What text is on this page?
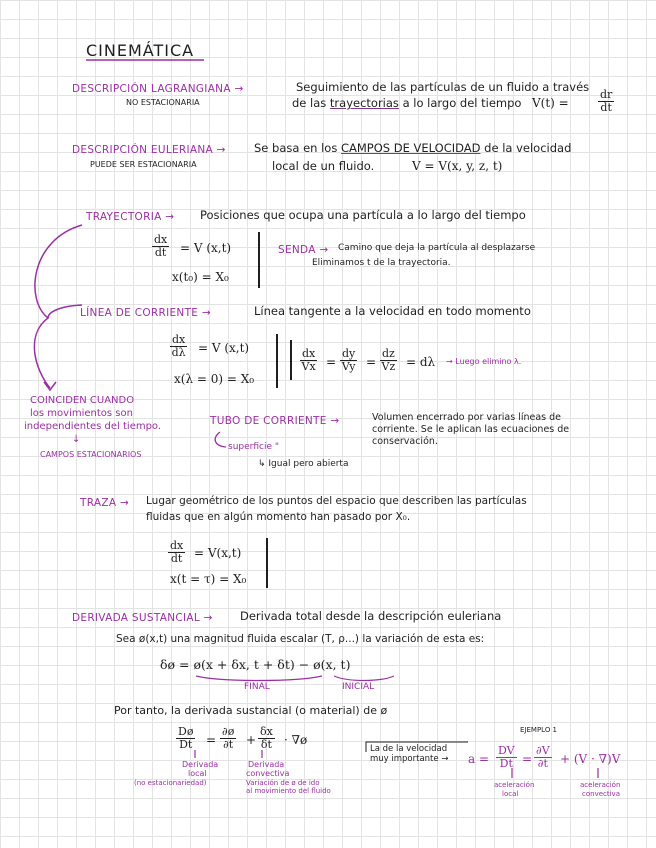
CINEMÁTICA
DESCRIPCIÓN LAGRANGIANA →
NO ESTACIONARIA
Seguimiento de las partículas de un fluido a través
de las trayectorias a lo largo del tiempo V(t) =	$\frac{dr}{dt}$
DESCRIPCIÓN EULERIANA →
PUEDE SER ESTACIONARIA
Se basa en los CAMPOS DE VELOCIDAD de la velocidad
local de un fluido.	V = V(x, y, z, t)
TRAYECTORIA → Posiciones que ocupa una partícula a lo largo del tiempo
$\frac{dx}{dt} = V$ (x,t)
x(t₀) = X₀
SENDA → Camino que deja la partícula al desplazarse
Eliminamos t de la trayectoria.
LÍNEA DE CORRIENTE →	Línea tangente a la velocidad en todo momento
$\frac{dx}{d\lambda} = V$ (x,t)
x(λ = 0) = X₀
$\frac{dx}{Vx} = \frac{dy}{Vy} = \frac{dz}{Vz} = d\lambda$ → Luego elimino λ.
COINCIDEN CUANDO
los movimientos son
independientes del tiempo.
↓
CAMPOS ESTACIONARIOS
TUBO DE CORRIENTE →	Volumen encerrado por varias líneas de
corriente. Se le aplican las ecuaciones de
conservación.
superficie "
↳ Igual pero abierta
TRAZA → Lugar geométrico de los puntos del espacio que describen las partículas
fluidas que en algún momento han pasado por X₀.
$\frac{dx}{dt} = V(x,t)$
x(t = τ) = X₀
DERIVADA SUSTANCIAL → Derivada total desde la descripción euleriana
Sea ø(x,t) una magnitud fluida escalar (T, ρ...) la variación de esta es:
δø = ø(x + δx, t + δt) − ø(x, t)
FINAL	INICIAL
Por tanto, la derivada sustancial (o material) de ø
$\frac{Dø}{Dt} = \frac{\partial ø}{\partial t} + \frac{\delta x}{\delta t}$ · ∇ø
Derivada
local
(no estacionariedad)
Derivada
convectiva
Variación de ø de ido
al movimiento del fluido
La de la velocidad
muy importante →
EJEMPLO 1
$a = \frac{DV}{Dt} = \frac{\partial V}{\partial t} + (V \cdot \nabla)V$
aceleración
local
aceleración
convectiva
